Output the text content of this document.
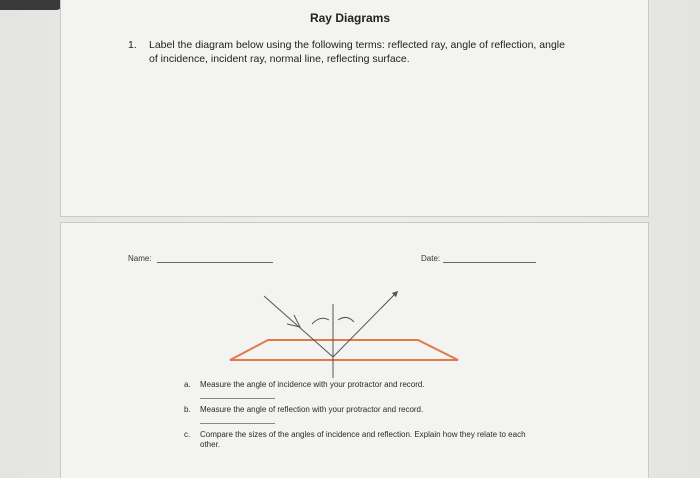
Ray Diagrams
1. Label the diagram below using the following terms: reflected ray, angle of reflection, angle of incidence, incident ray, normal line, reflecting surface.
Name:	Date:
a. Measure the angle of incidence with your protractor and record.
b. Measure the angle of reflection with your protractor and record.
c. Compare the sizes of the angles of incidence and reflection. Explain how they relate to each other.
